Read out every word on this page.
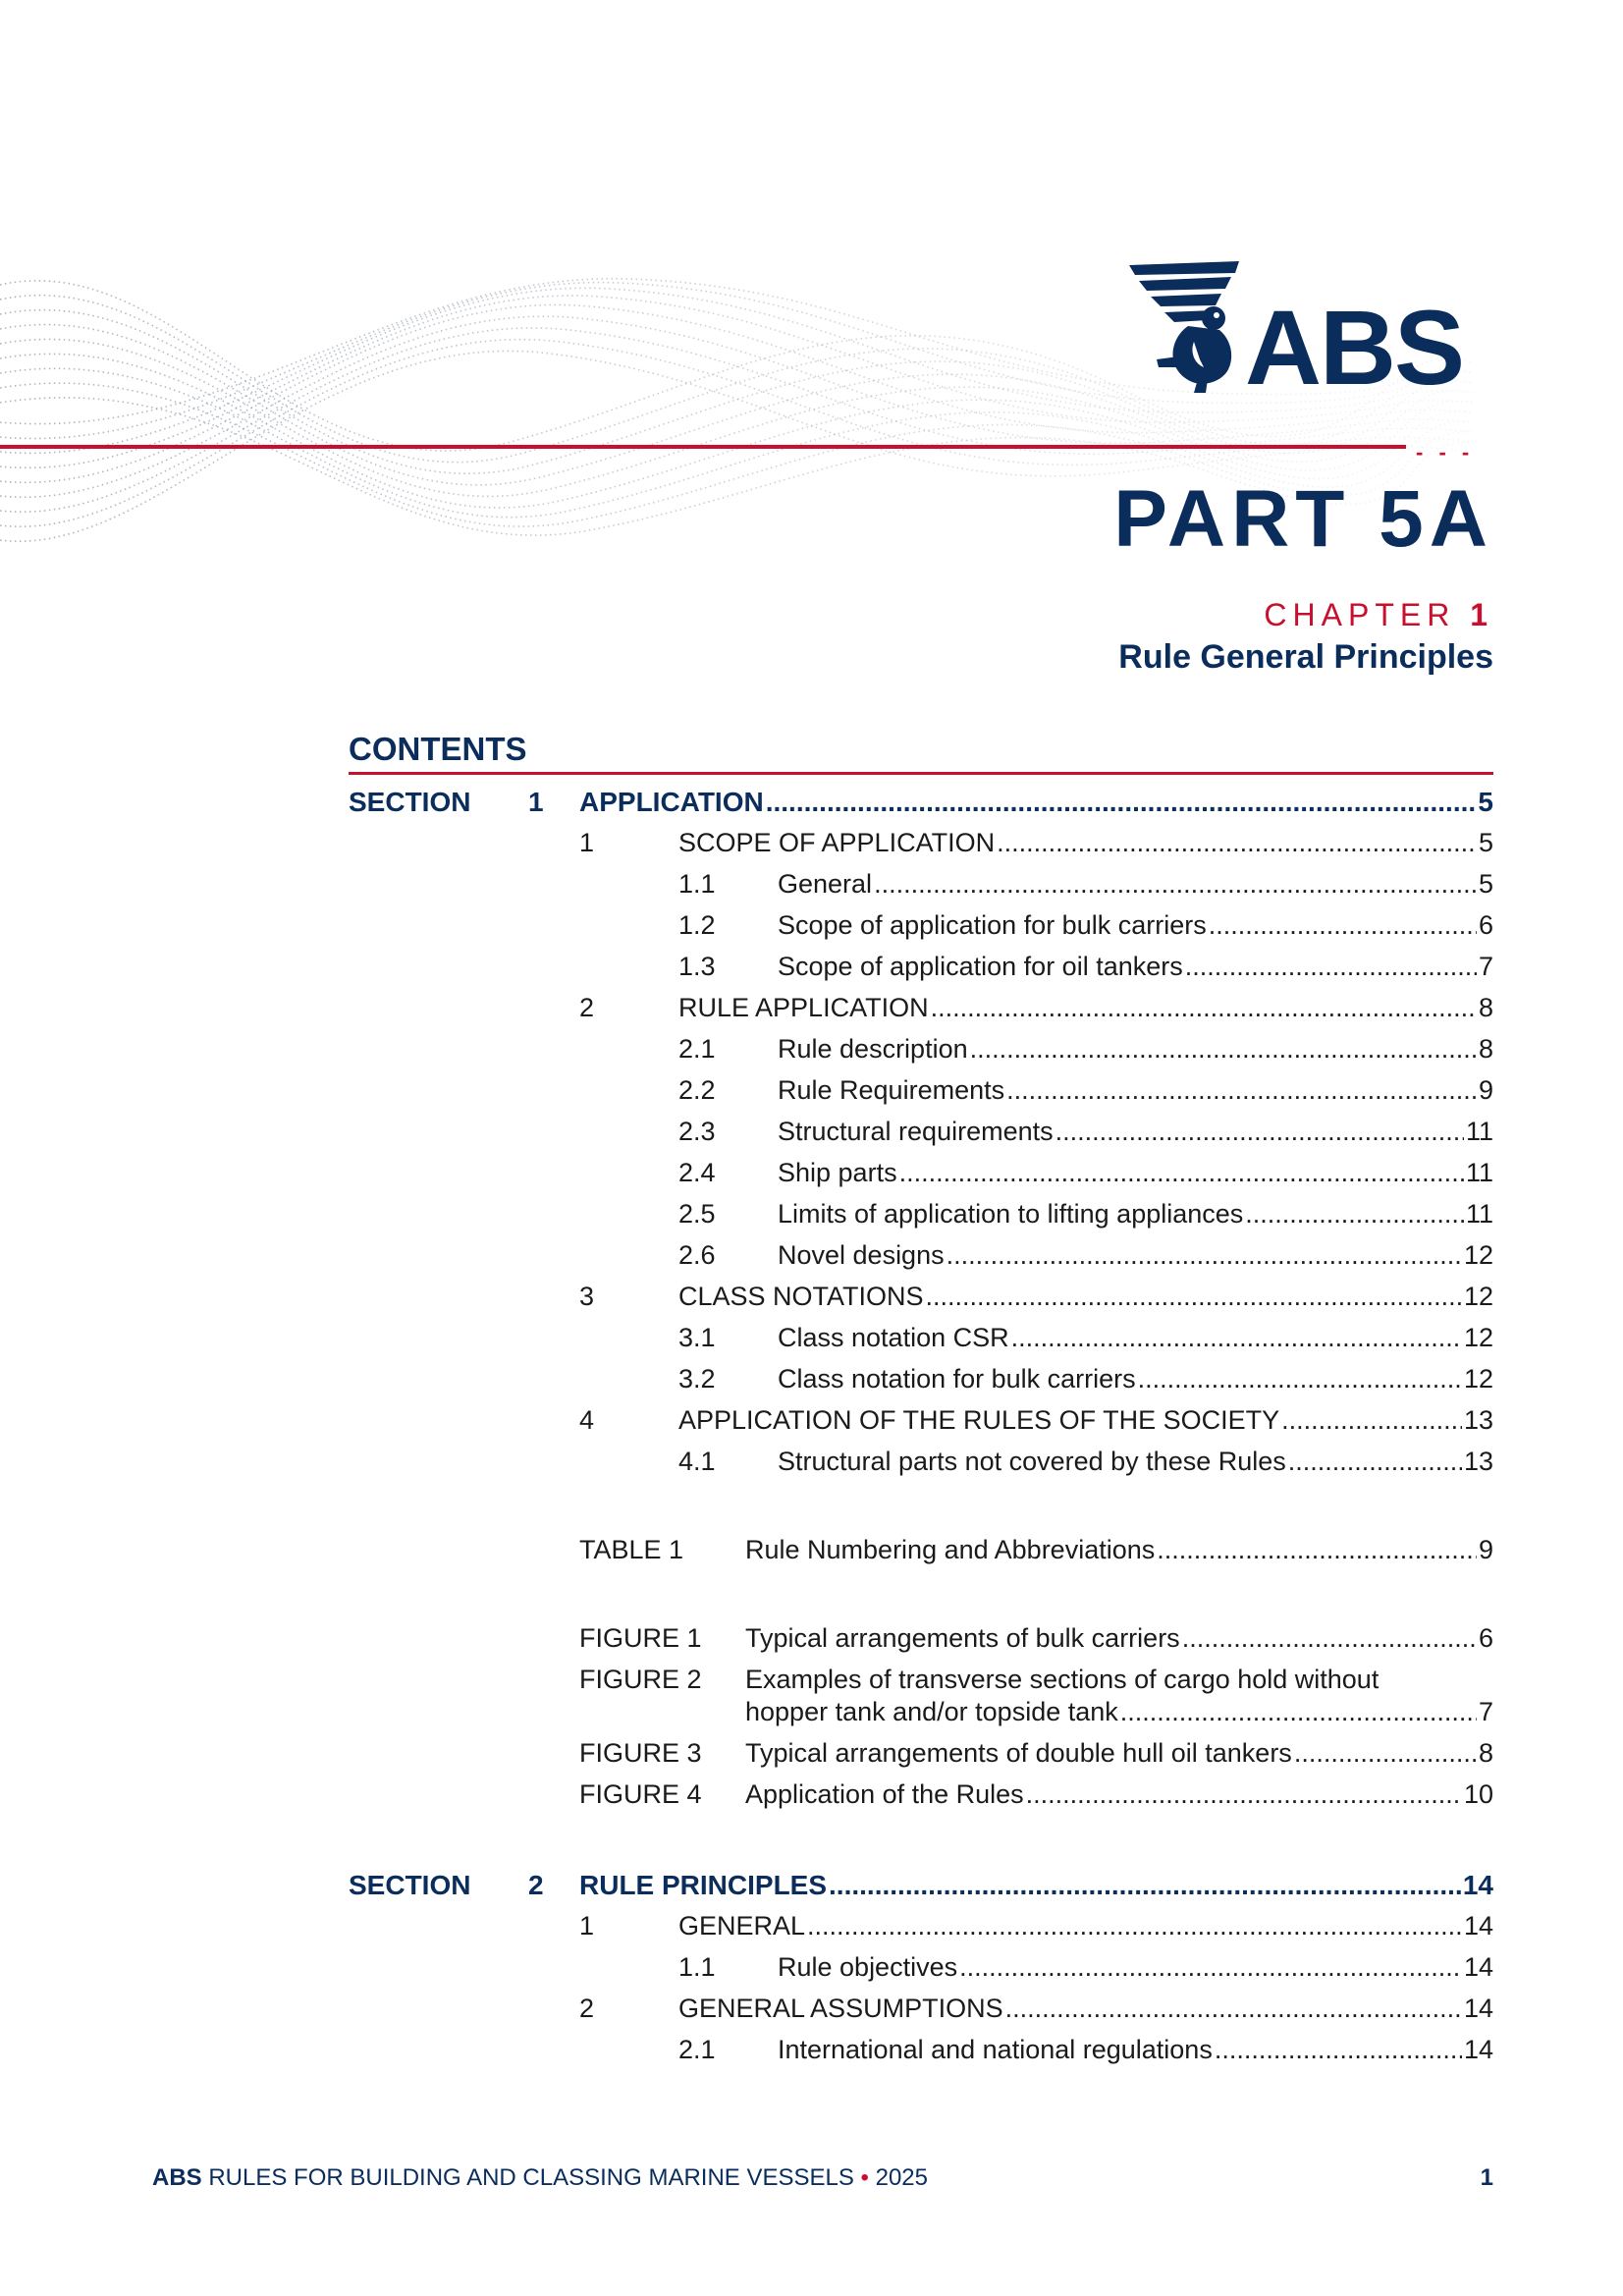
ABS
- - -
PART 5A
CHAPTER 1
Rule General Principles
CONTENTS
SECTION 1 APPLICATION .....	5
1	SCOPE OF APPLICATION .....	5
1.1 General .....	5
1.2 Scope of application for bulk carriers .....	6
1.3 Scope of application for oil tankers .....	7
2	RULE APPLICATION .....	8
2.1 Rule description .....	8
2.2 Rule Requirements .....	9
2.3 Structural requirements .....	11
2.4 Ship parts .....	11
2.5 Limits of application to lifting appliances .....	11
2.6 Novel designs .....	12
3	CLASS NOTATIONS .....	12
3.1 Class notation CSR .....	12
3.2 Class notation for bulk carriers .....	12
4	APPLICATION OF THE RULES OF THE SOCIETY .....	13
4.1 Structural parts not covered by these Rules .....	13
TABLE 1 Rule Numbering and Abbreviations .....	9
FIGURE 1 Typical arrangements of bulk carriers .....	6
FIGURE 2 Examples of transverse sections of cargo hold without
hopper tank and/or topside tank .....	7
FIGURE 3 Typical arrangements of double hull oil tankers .....	8
FIGURE 4 Application of the Rules .....	10
SECTION 2 RULE PRINCIPLES .....	14
1	GENERAL .....	14
1.1 Rule objectives .....	14
2	GENERAL ASSUMPTIONS .....	14
2.1 International and national regulations .....	14
ABS RULES FOR BUILDING AND CLASSING MARINE VESSELS • 2025	1
